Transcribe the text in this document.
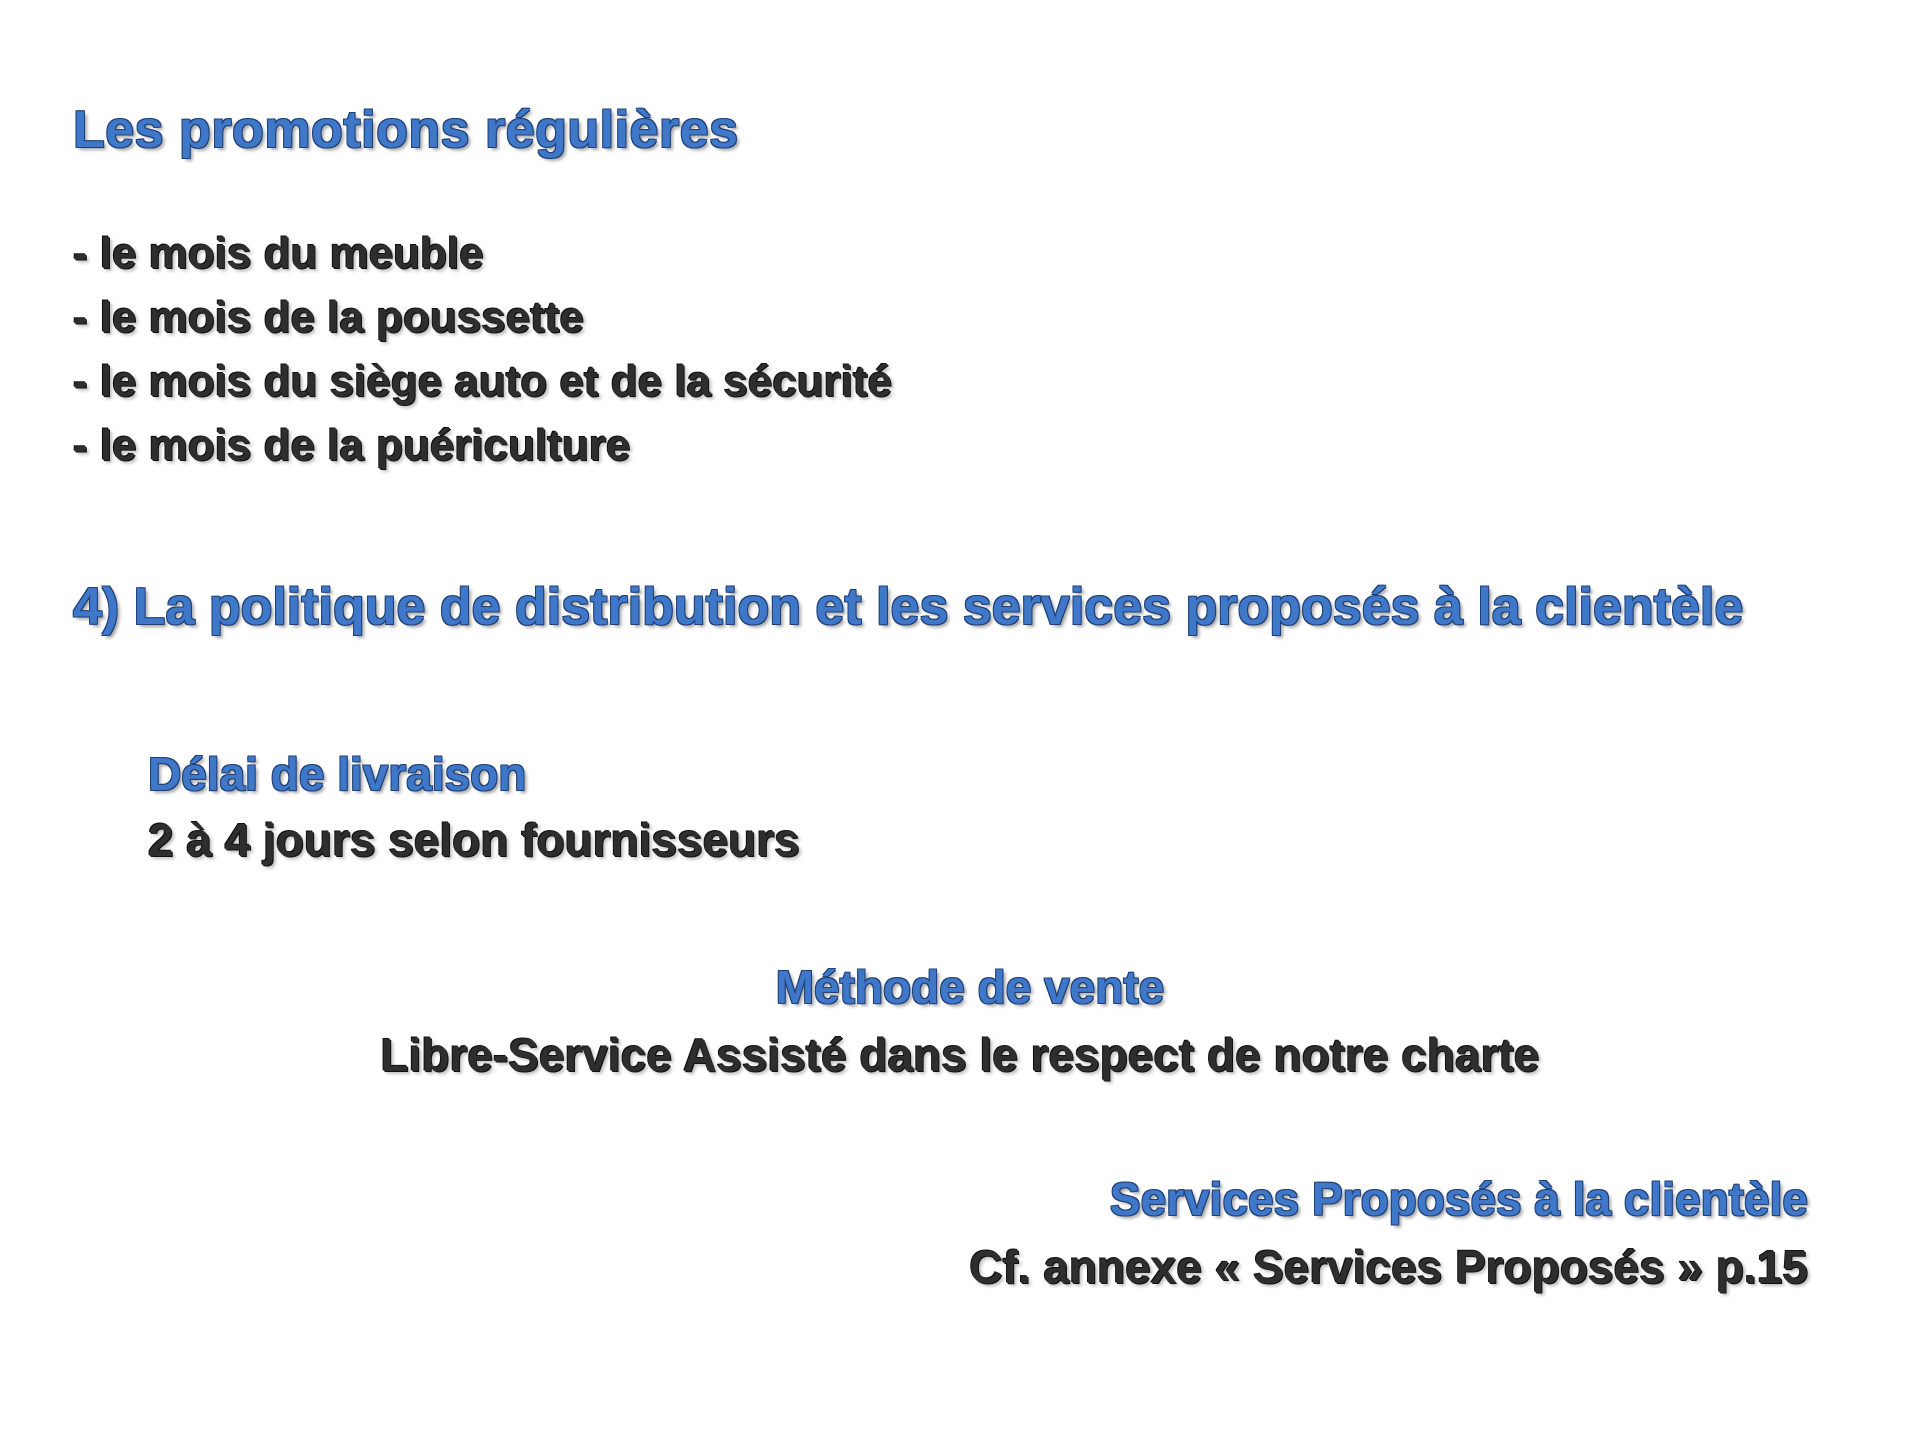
Les promotions régulières
- le mois du meuble
- le mois de la poussette
- le mois du siège auto et de la sécurité
- le mois de la puériculture
4) La politique de distribution et les services proposés à la clientèle
Délai de livraison
2 à 4 jours selon fournisseurs
Méthode de vente
Libre-Service Assisté dans le respect de notre charte
Services Proposés à la clientèle
Cf. annexe « Services Proposés » p.15
